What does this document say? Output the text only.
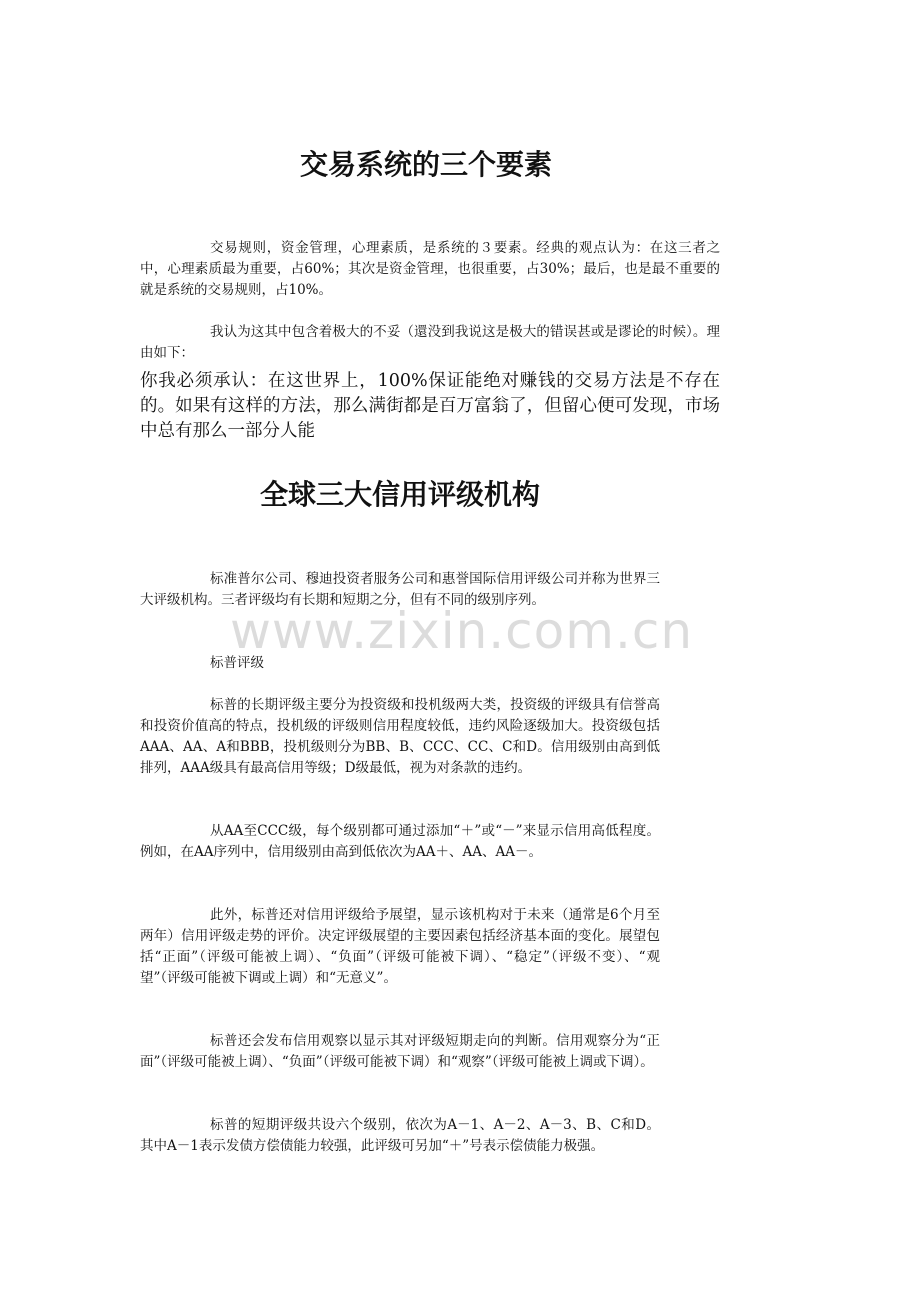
www.zixin.com.cn
交易系统的三个要素

交易规则，资金管理，心理素质，是系统的３要素。经典的观点认为：在这三者之中，心理素质最为重要，占60%；其次是资金管理，也很重要，占30%；最后，也是最不重要的就是系统的交易规则，占10%。

我认为这其中包含着极大的不妥（還没到我说这是极大的错误甚或是谬论的时候）。理由如下：

你我必须承认：在这世界上，100%保证能绝对赚钱的交易方法是不存在的。如果有这样的方法，那么满街都是百万富翁了，但留心便可发现，市场中总有那么一部分人能

全球三大信用评级机构

标准普尔公司、穆迪投资者服务公司和惠誉国际信用评级公司并称为世界三大评级机构。三者评级均有长期和短期之分，但有不同的级别序列。

标普评级

标普的长期评级主要分为投资级和投机级两大类，投资级的评级具有信誉高和投资价值高的特点，投机级的评级则信用程度较低，违约风险逐级加大。投资级包括AAA、AA、A和BBB，投机级则分为BB、B、CCC、CC、C和D。信用级别由高到低排列，AAA级具有最高信用等级；D级最低，视为对条款的违约。

从AA至CCC级，每个级别都可通过添加“＋”或“－”来显示信用高低程度。例如，在AA序列中，信用级别由高到低依次为AA＋、AA、AA－。

此外，标普还对信用评级给予展望，显示该机构对于未来（通常是6个月至两年）信用评级走势的评价。决定评级展望的主要因素包括经济基本面的变化。展望包括“正面”（评级可能被上调）、“负面”（评级可能被下调）、“稳定”（评级不变）、“观望”（评级可能被下调或上调）和“无意义”。

标普还会发布信用观察以显示其对评级短期走向的判断。信用观察分为“正面”（评级可能被上调）、“负面”（评级可能被下调）和“观察”（评级可能被上调或下调）。

标普的短期评级共设六个级别，依次为A－1、A－2、A－3、B、C和D。其中A－1表示发债方偿债能力较强，此评级可另加“＋”号表示偿债能力极强。
